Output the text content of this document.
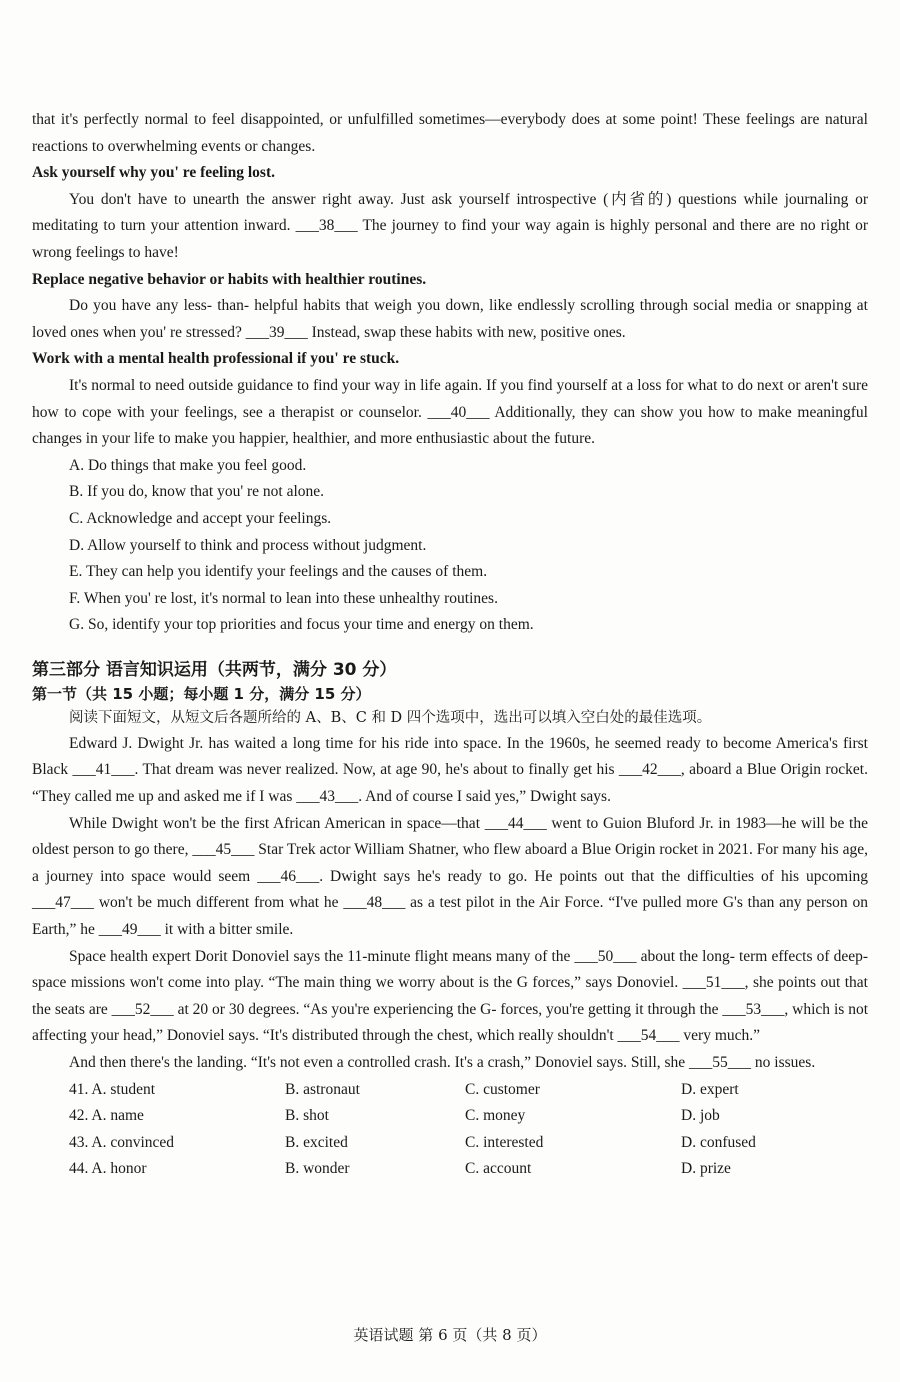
that it's perfectly normal to feel disappointed, or unfulfilled sometimes—everybody does at some point! These feelings are natural reactions to overwhelming events or changes.

Ask yourself why you' re feeling lost.

You don't have to unearth the answer right away. Just ask yourself introspective (内省的) questions while journaling or meditating to turn your attention inward. ___38___ The journey to find your way again is highly personal and there are no right or wrong feelings to have!

Replace negative behavior or habits with healthier routines.

Do you have any less- than- helpful habits that weigh you down, like endlessly scrolling through social media or snapping at loved ones when you' re stressed? ___39___ Instead, swap these habits with new, positive ones.

Work with a mental health professional if you' re stuck.

It's normal to need outside guidance to find your way in life again. If you find yourself at a loss for what to do next or aren't sure how to cope with your feelings, see a therapist or counselor. ___40___ Additionally, they can show you how to make meaningful changes in your life to make you happier, healthier, and more enthusiastic about the future.

A. Do things that make you feel good.

B. If you do, know that you' re not alone.

C. Acknowledge and accept your feelings.

D. Allow yourself to think and process without judgment.

E. They can help you identify your feelings and the causes of them.

F. When you' re lost, it's normal to lean into these unhealthy routines.

G. So, identify your top priorities and focus your time and energy on them.

第三部分 语言知识运用（共两节，满分 30 分）

第一节（共 15 小题；每小题 1 分，满分 15 分）

阅读下面短文，从短文后各题所给的 A、B、C 和 D 四个选项中，选出可以填入空白处的最佳选项。

Edward J. Dwight Jr. has waited a long time for his ride into space. In the 1960s, he seemed ready to become America's first Black ___41___. That dream was never realized. Now, at age 90, he's about to finally get his ___42___, aboard a Blue Origin rocket. “They called me up and asked me if I was ___43___. And of course I said yes,” Dwight says.

While Dwight won't be the first African American in space—that ___44___ went to Guion Bluford Jr. in 1983—he will be the oldest person to go there, ___45___ Star Trek actor William Shatner, who flew aboard a Blue Origin rocket in 2021. For many his age, a journey into space would seem ___46___. Dwight says he's ready to go. He points out that the difficulties of his upcoming ___47___ won't be much different from what he ___48___ as a test pilot in the Air Force. “I've pulled more G's than any person on Earth,” he ___49___ it with a bitter smile.

Space health expert Dorit Donoviel says the 11-minute flight means many of the ___50___ about the long- term effects of deep-space missions won't come into play. “The main thing we worry about is the G forces,” says Donoviel. ___51___, she points out that the seats are ___52___ at 20 or 30 degrees. “As you're experiencing the G- forces, you're getting it through the ___53___, which is not affecting your head,” Donoviel says. “It's distributed through the chest, which really shouldn't ___54___ very much.”

And then there's the landing. “It's not even a controlled crash. It's a crash,” Donoviel says. Still, she ___55___ no issues.

41. A. student	B. astronaut	C. customer	D. expert
42. A. name	B. shot	C. money	D. job
43. A. convinced	B. excited	C. interested	D. confused
44. A. honor	B. wonder	C. account	D. prize
英语试题 第 6 页（共 8 页）
